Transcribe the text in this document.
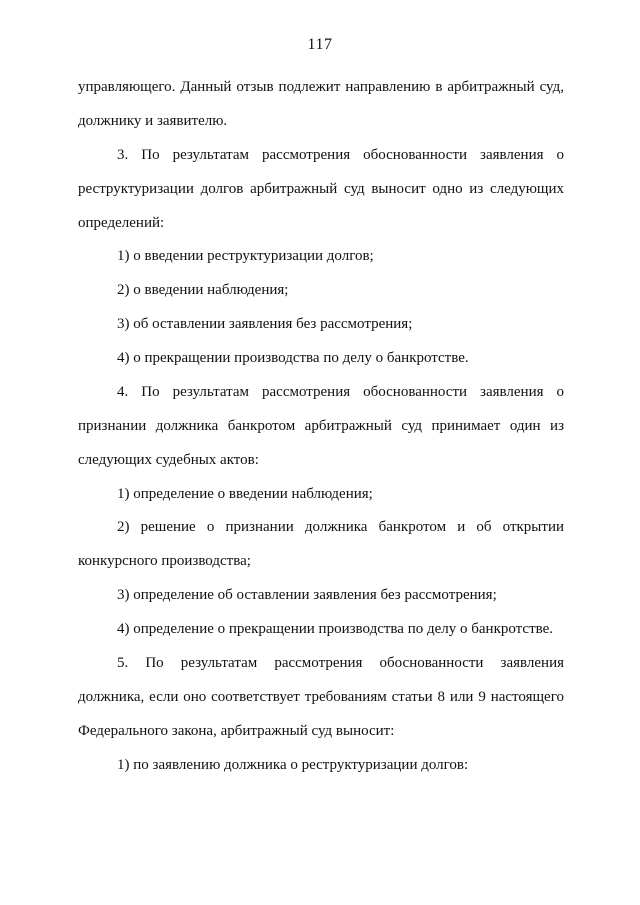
117
управляющего. Данный отзыв подлежит направлению в арбитражный суд,
должнику и заявителю.
3. По результатам рассмотрения обоснованности заявления о
реструктуризации долгов арбитражный суд выносит одно из следующих
определений:
1) о введении реструктуризации долгов;
2) о введении наблюдения;
3) об оставлении заявления без рассмотрения;
4) о прекращении производства по делу о банкротстве.
4. По результатам рассмотрения обоснованности заявления о
признании должника банкротом арбитражный суд принимает один из
следующих судебных актов:
1) определение о введении наблюдения;
2) решение о признании должника банкротом и об открытии
конкурсного производства;
3) определение об оставлении заявления без рассмотрения;
4) определение о прекращении производства по делу о банкротстве.
5. По результатам рассмотрения обоснованности заявления
должника, если оно соответствует требованиям статьи 8 или 9 настоящего
Федерального закона, арбитражный суд выносит:
1) по заявлению должника о реструктуризации долгов:
